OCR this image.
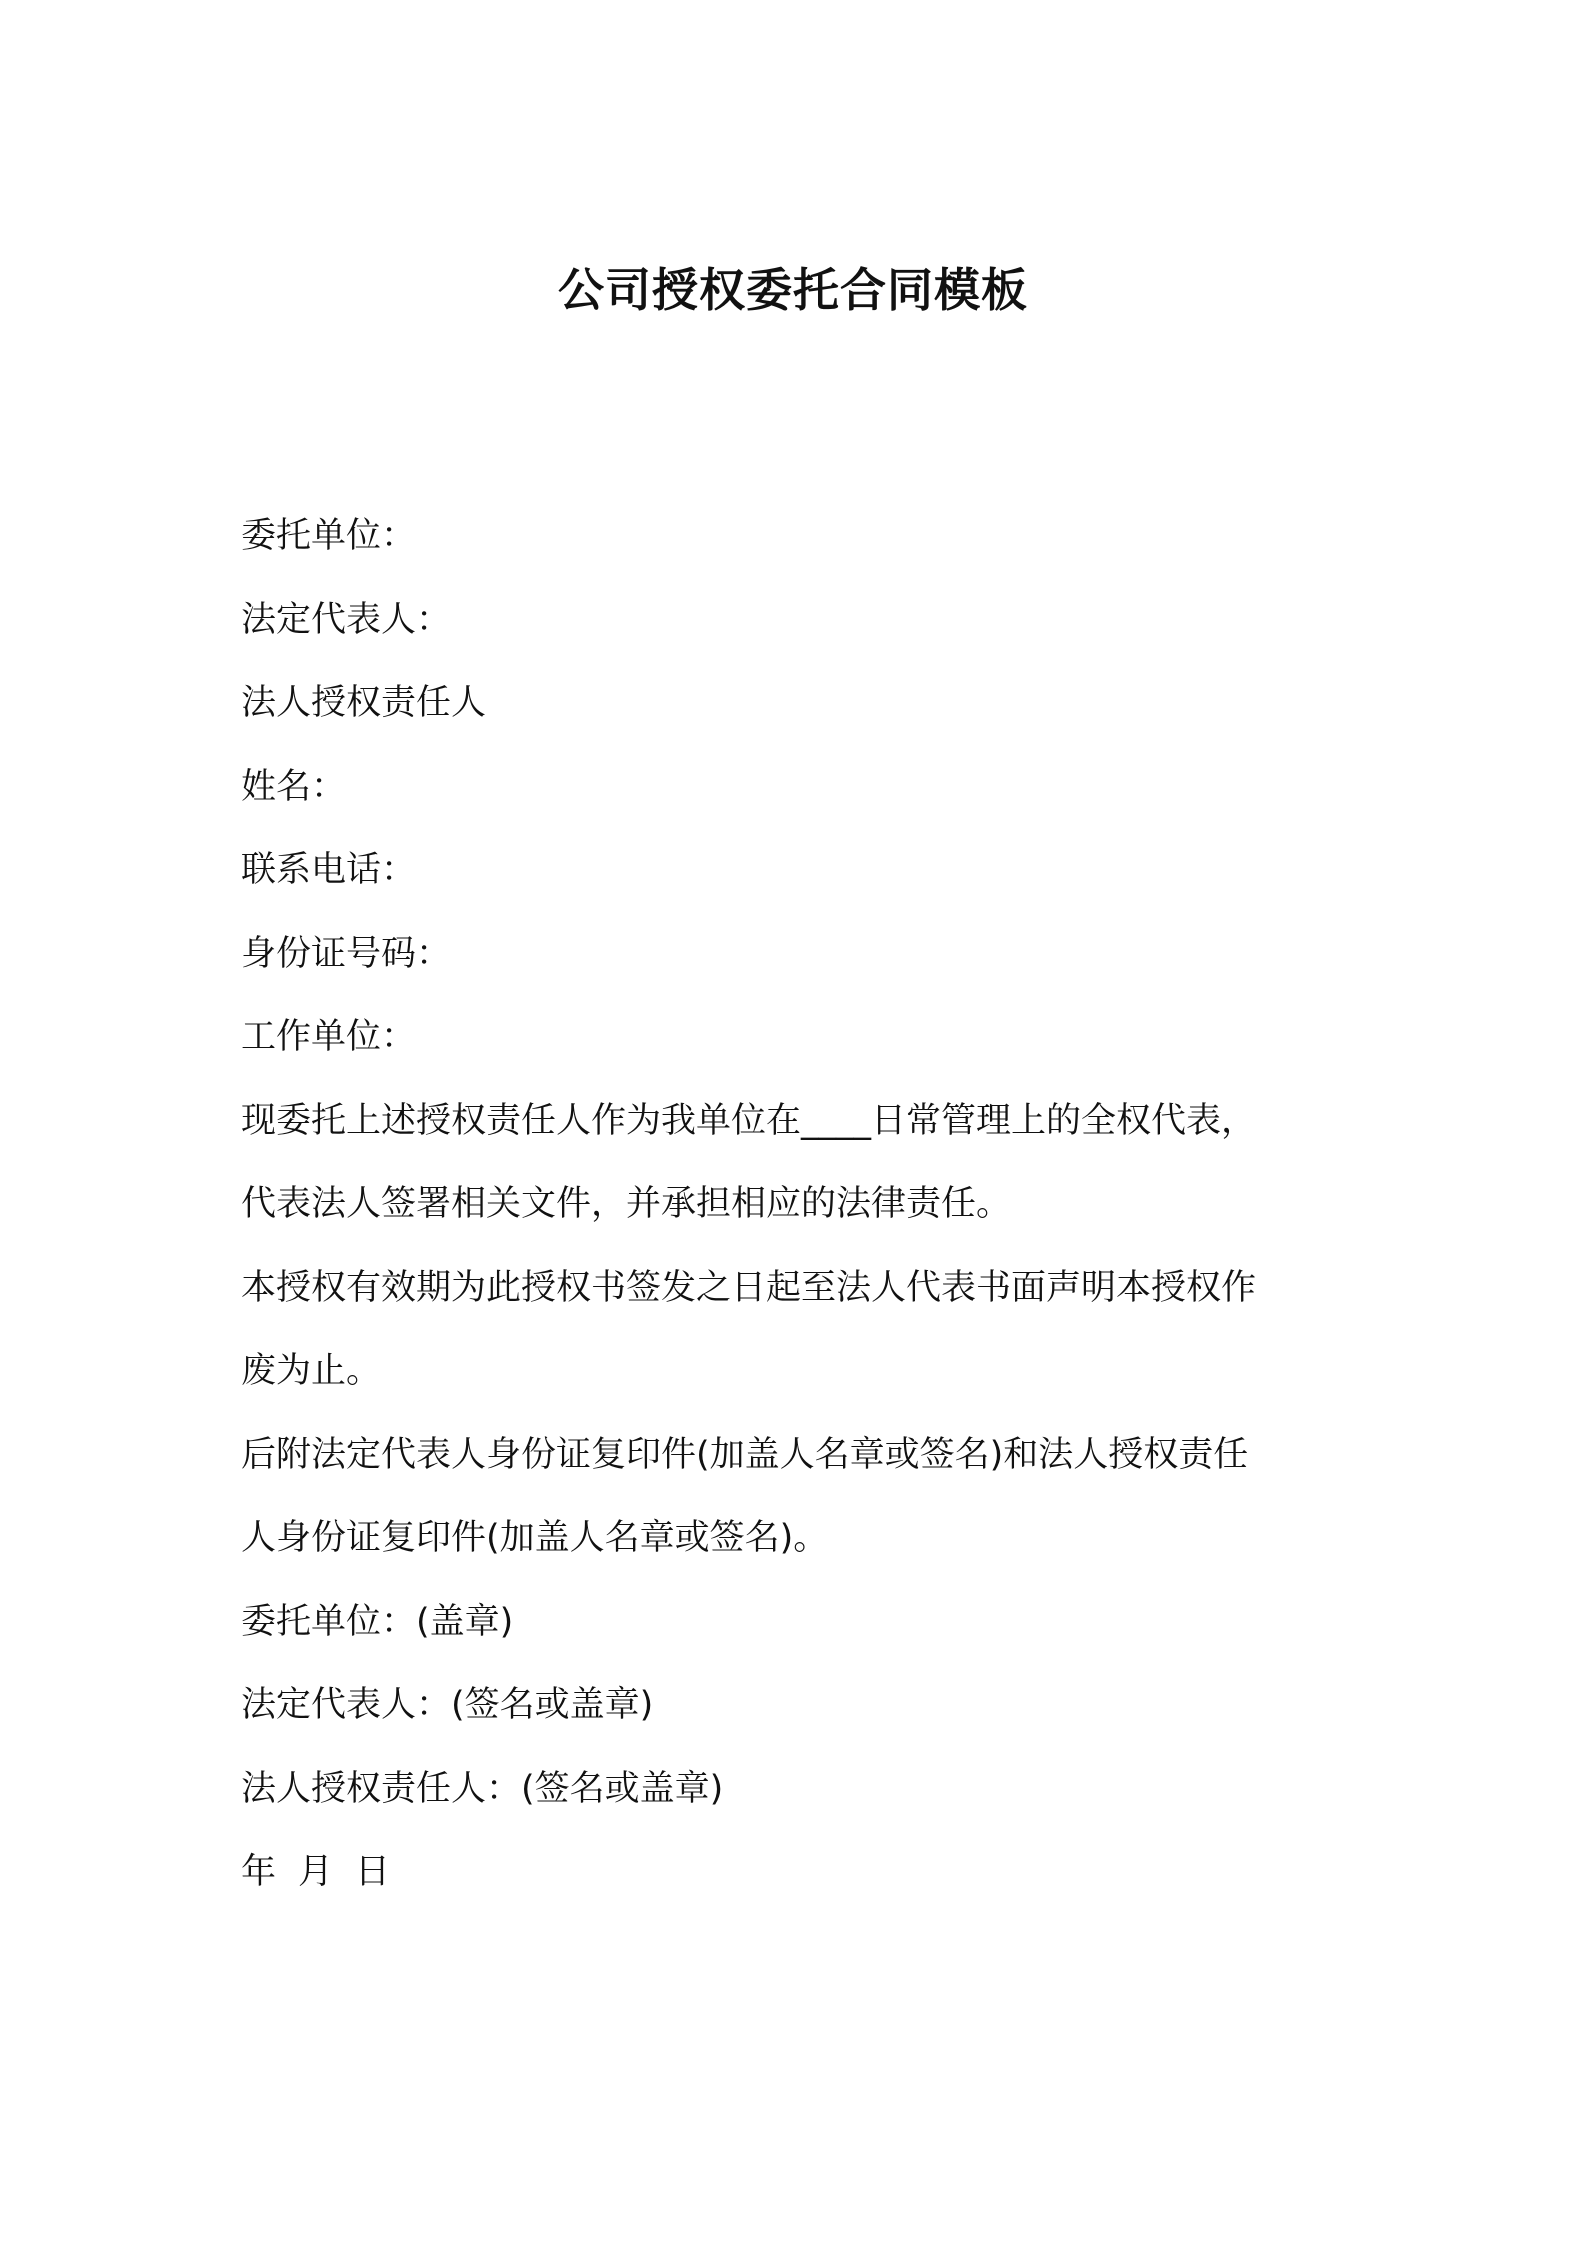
公司授权委托合同模板

委托单位：

法定代表人：

法人授权责任人

姓名：

联系电话：

身份证号码：

工作单位：

现委托上述授权责任人作为我单位在____日常管理上的全权代表，

代表法人签署相关文件，并承担相应的法律责任。

本授权有效期为此授权书签发之日起至法人代表书面声明本授权作

废为止。

后附法定代表人身份证复印件(加盖人名章或签名)和法人授权责任

人身份证复印件(加盖人名章或签名)。

委托单位：(盖章)

法定代表人：(签名或盖章)

法人授权责任人：(签名或盖章)

年 月 日
